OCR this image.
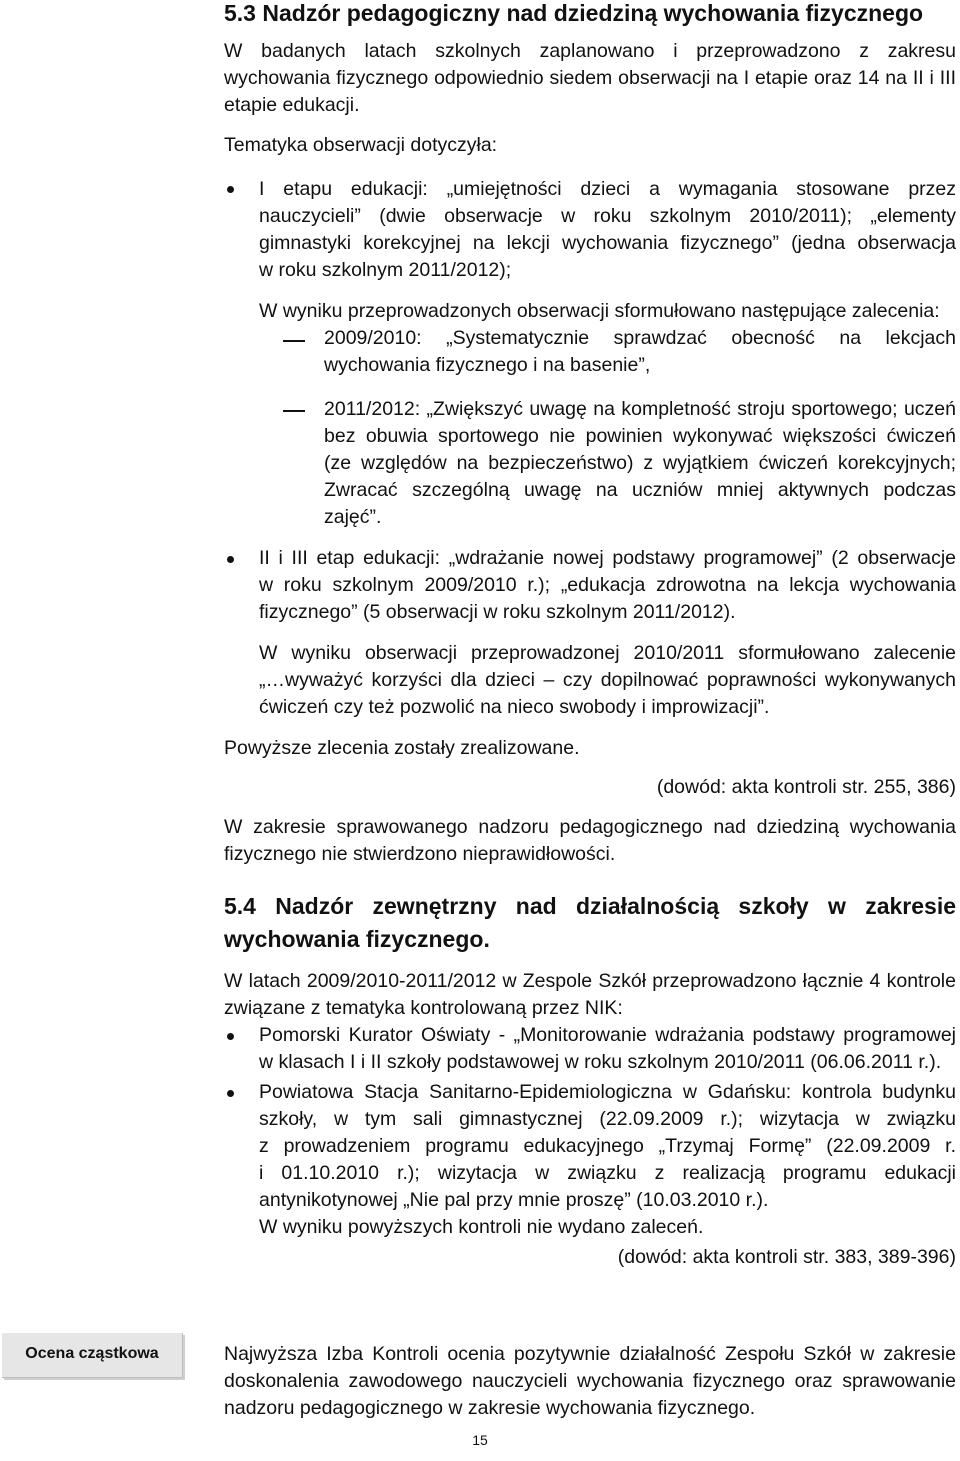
5.3 Nadzór pedagogiczny nad dziedziną wychowania fizycznego
W badanych latach szkolnych zaplanowano i przeprowadzono z zakresu
wychowania fizycznego odpowiednio siedem obserwacji na I etapie oraz 14 na II i III
etapie edukacji.
Tematyka obserwacji dotyczyła:
I etapu edukacji: „umiejętności dzieci a wymagania stosowane przez
nauczycieli” (dwie obserwacje w roku szkolnym 2010/2011); „elementy
gimnastyki korekcyjnej na lekcji wychowania fizycznego” (jedna obserwacja
w roku szkolnym 2011/2012);
W wyniku przeprowadzonych obserwacji sformułowano następujące zalecenia:
2009/2010: „Systematycznie sprawdzać obecność na lekcjach
wychowania fizycznego i na basenie”,
2011/2012: „Zwiększyć uwagę na kompletność stroju sportowego; uczeń
bez obuwia sportowego nie powinien wykonywać większości ćwiczeń
(ze względów na bezpieczeństwo) z wyjątkiem ćwiczeń korekcyjnych;
Zwracać szczególną uwagę na uczniów mniej aktywnych podczas
zajęć”.
II i III etap edukacji: „wdrażanie nowej podstawy programowej” (2 obserwacje
w roku szkolnym 2009/2010 r.); „edukacja zdrowotna na lekcja wychowania
fizycznego” (5 obserwacji w roku szkolnym 2011/2012).
W wyniku obserwacji przeprowadzonej 2010/2011 sformułowano zalecenie
„…wyważyć korzyści dla dzieci – czy dopilnować poprawności wykonywanych
ćwiczeń czy też pozwolić na nieco swobody i improwizacji”.
Powyższe zlecenia zostały zrealizowane.
(dowód: akta kontroli str. 255, 386)
W zakresie sprawowanego nadzoru pedagogicznego nad dziedziną wychowania
fizycznego nie stwierdzono nieprawidłowości.
5.4 Nadzór zewnętrzny nad działalnością szkoły w zakresie
wychowania fizycznego.
W latach 2009/2010-2011/2012 w Zespole Szkół przeprowadzono łącznie 4 kontrole
związane z tematyka kontrolowaną przez NIK:
Pomorski Kurator Oświaty - „Monitorowanie wdrażania podstawy programowej
w klasach I i II szkoły podstawowej w roku szkolnym 2010/2011 (06.06.2011 r.).
Powiatowa Stacja Sanitarno-Epidemiologiczna w Gdańsku: kontrola budynku
szkoły, w tym sali gimnastycznej (22.09.2009 r.); wizytacja w związku
z prowadzeniem programu edukacyjnego „Trzymaj Formę” (22.09.2009 r.
i 01.10.2010 r.); wizytacja w związku z realizacją programu edukacji
antynikotynowej „Nie pal przy mnie proszę” (10.03.2010 r.).
W wyniku powyższych kontroli nie wydano zaleceń.
(dowód: akta kontroli str. 383, 389-396)
Ocena cząstkowa	Najwyższa Izba Kontroli ocenia pozytywnie działalność Zespołu Szkół w zakresie
doskonalenia zawodowego nauczycieli wychowania fizycznego oraz sprawowanie
nadzoru pedagogicznego w zakresie wychowania fizycznego.
15
